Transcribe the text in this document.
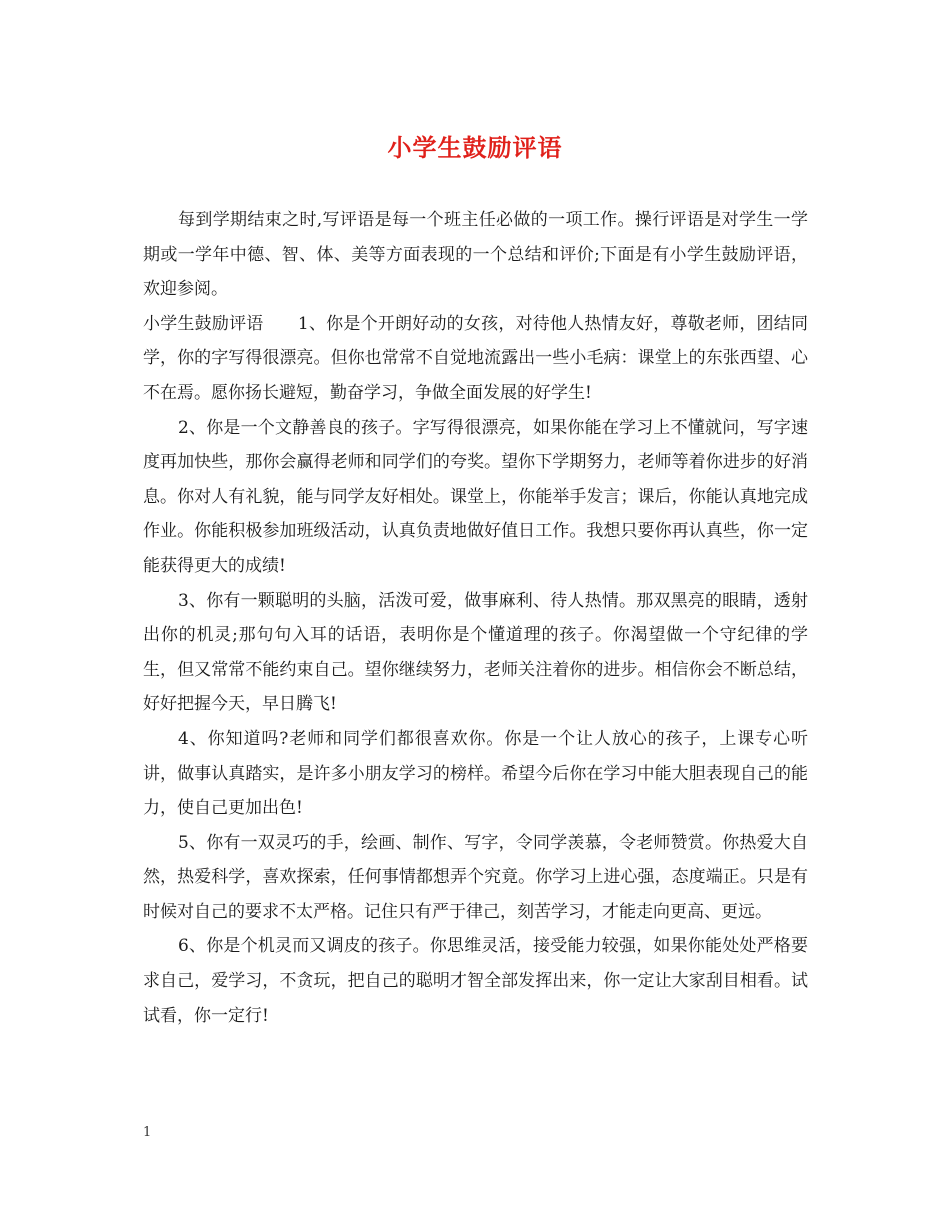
小学生鼓励评语

每到学期结束之时,写评语是每一个班主任必做的一项工作。操行评语是对学生一学期或一学年中德、智、体、美等方面表现的一个总结和评价;下面是有小学生鼓励评语，欢迎参阅。

小学生鼓励评语　　1、你是个开朗好动的女孩，对待他人热情友好，尊敬老师，团结同学，你的字写得很漂亮。但你也常常不自觉地流露出一些小毛病：课堂上的东张西望、心不在焉。愿你扬长避短，勤奋学习，争做全面发展的好学生!

2、你是一个文静善良的孩子。字写得很漂亮，如果你能在学习上不懂就问，写字速度再加快些，那你会赢得老师和同学们的夸奖。望你下学期努力，老师等着你进步的好消息。你对人有礼貌，能与同学友好相处。课堂上，你能举手发言；课后，你能认真地完成作业。你能积极参加班级活动，认真负责地做好值日工作。我想只要你再认真些，你一定能获得更大的成绩!

3、你有一颗聪明的头脑，活泼可爱，做事麻利、待人热情。那双黑亮的眼睛，透射出你的机灵;那句句入耳的话语，表明你是个懂道理的孩子。你渴望做一个守纪律的学生，但又常常不能约束自己。望你继续努力，老师关注着你的进步。相信你会不断总结，好好把握今天，早日腾飞!

4、你知道吗?老师和同学们都很喜欢你。你是一个让人放心的孩子，上课专心听讲，做事认真踏实，是许多小朋友学习的榜样。希望今后你在学习中能大胆表现自己的能力，使自己更加出色!

5、你有一双灵巧的手，绘画、制作、写字，令同学羡慕，令老师赞赏。你热爱大自然，热爱科学，喜欢探索，任何事情都想弄个究竟。你学习上进心强，态度端正。只是有时候对自己的要求不太严格。记住只有严于律己，刻苦学习，才能走向更高、更远。

6、你是个机灵而又调皮的孩子。你思维灵活，接受能力较强，如果你能处处严格要求自己，爱学习，不贪玩，把自己的聪明才智全部发挥出来，你一定让大家刮目相看。试试看，你一定行!

1
